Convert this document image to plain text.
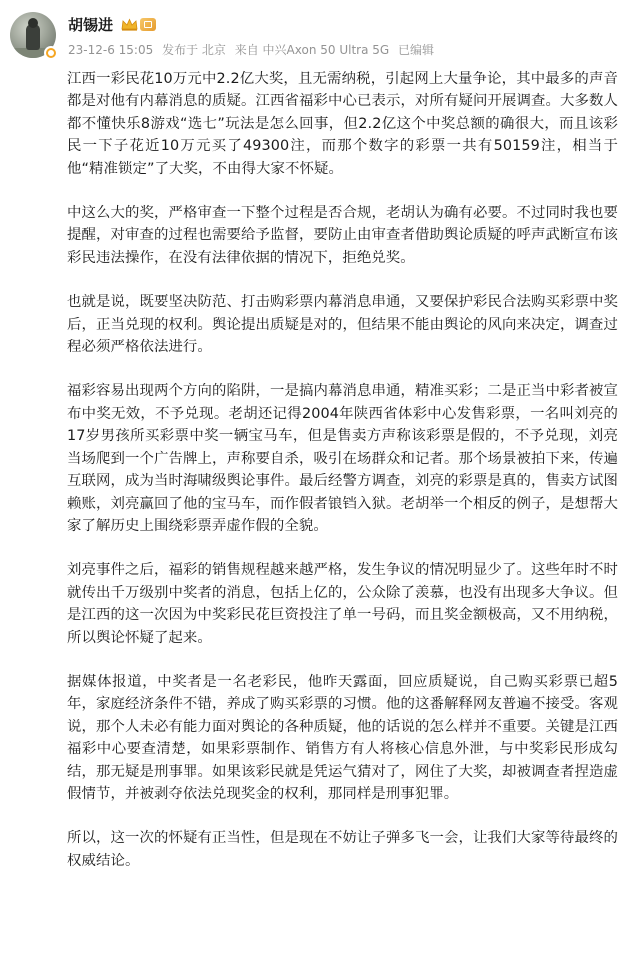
胡锡进
23-12-6 15:05 发布于 北京 来自 中兴Axon 50 Ultra 5G 已编辑

江西一彩民花10万元中2.2亿大奖，且无需纳税，引起网上大量争论，其中最多的声音都是对他有内幕消息的质疑。江西省福彩中心已表示，对所有疑问开展调查。大多数人都不懂快乐8游戏“选七”玩法是怎么回事，但2.2亿这个中奖总额的确很大，而且该彩民一下子花近10万元买了49300注，而那个数字的彩票一共有50159注，相当于他“精准锁定”了大奖，不由得大家不怀疑。

中这么大的奖，严格审查一下整个过程是否合规，老胡认为确有必要。不过同时我也要提醒，对审查的过程也需要给予监督，要防止由审查者借助舆论质疑的呼声武断宣布该彩民违法操作，在没有法律依据的情况下，拒绝兑奖。

也就是说，既要坚决防范、打击购彩票内幕消息串通，又要保护彩民合法购买彩票中奖后，正当兑现的权利。舆论提出质疑是对的，但结果不能由舆论的风向来决定，调查过程必须严格依法进行。

福彩容易出现两个方向的陷阱，一是搞内幕消息串通，精准买彩；二是正当中彩者被宣布中奖无效，不予兑现。老胡还记得2004年陕西省体彩中心发售彩票，一名叫刘亮的17岁男孩所买彩票中奖一辆宝马车，但是售卖方声称该彩票是假的，不予兑现，刘亮当场爬到一个广告牌上，声称要自杀，吸引在场群众和记者。那个场景被拍下来，传遍互联网，成为当时海啸级舆论事件。最后经警方调查，刘亮的彩票是真的，售卖方试图赖账，刘亮赢回了他的宝马车，而作假者锒铛入狱。老胡举一个相反的例子，是想帮大家了解历史上围绕彩票弄虚作假的全貌。

刘亮事件之后，福彩的销售规程越来越严格，发生争议的情况明显少了。这些年时不时就传出千万级别中奖者的消息，包括上亿的，公众除了羡慕，也没有出现多大争议。但是江西的这一次因为中奖彩民花巨资投注了单一号码，而且奖金额极高，又不用纳税，所以舆论怀疑了起来。

据媒体报道，中奖者是一名老彩民，他昨天露面，回应质疑说，自己购买彩票已超5年，家庭经济条件不错，养成了购买彩票的习惯。他的这番解释网友普遍不接受。客观说，那个人未必有能力面对舆论的各种质疑，他的话说的怎么样并不重要。关键是江西福彩中心要查清楚，如果彩票制作、销售方有人将核心信息外泄，与中奖彩民形成勾结，那无疑是刑事罪。如果该彩民就是凭运气猜对了，网住了大奖，却被调查者捏造虚假情节，并被剥夺依法兑现奖金的权利，那同样是刑事犯罪。

所以，这一次的怀疑有正当性，但是现在不妨让子弹多飞一会，让我们大家等待最终的权威结论。
